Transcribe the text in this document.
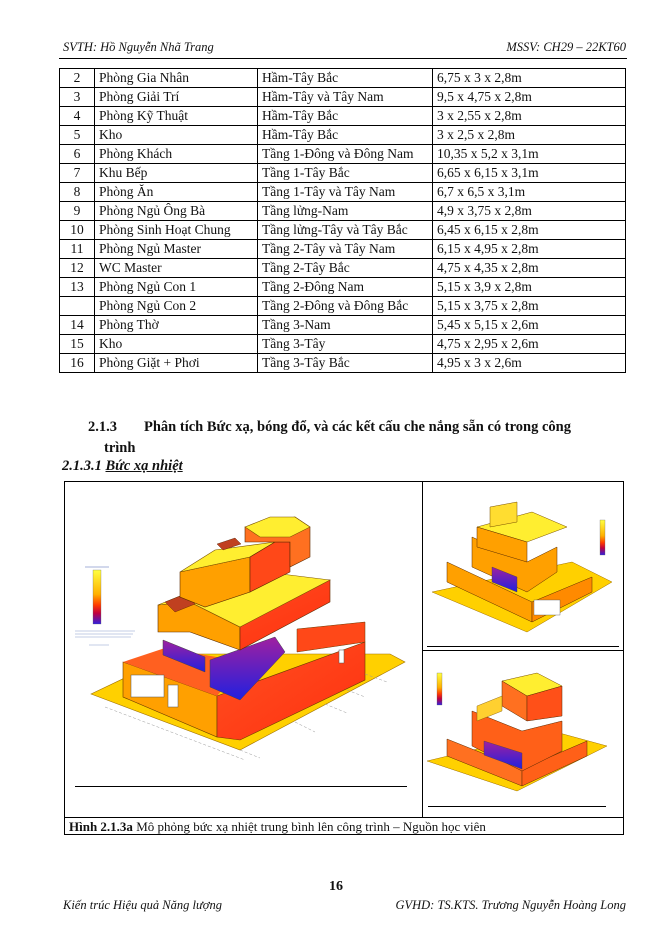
SVTH: Hồ Nguyễn Nhã Trang	MSSV: CH29 – 22KT60
2	Phòng Gia Nhân	Hầm-Tây Bắc	6,75 x 3 x 2,8m
3	Phòng Giải Trí	Hầm-Tây và Tây Nam	9,5 x 4,75 x 2,8m
4	Phòng Kỹ Thuật	Hầm-Tây Bắc	3 x 2,55 x 2,8m
5	Kho	Hầm-Tây Bắc	3 x 2,5 x 2,8m
6	Phòng Khách	Tầng 1-Đông và Đông Nam	10,35 x 5,2 x 3,1m
7	Khu Bếp	Tầng 1-Tây Bắc	6,65 x 6,15 x 3,1m
8	Phòng Ăn	Tầng 1-Tây và Tây Nam	6,7 x 6,5 x 3,1m
9	Phòng Ngủ Ông Bà	Tầng lửng-Nam	4,9 x 3,75 x 2,8m
10	Phòng Sinh Hoạt Chung	Tầng lửng-Tây và Tây Bắc	6,45 x 6,15 x 2,8m
11	Phòng Ngủ Master	Tầng 2-Tây và Tây Nam	6,15 x 4,95 x 2,8m
12	WC Master	Tầng 2-Tây Bắc	4,75 x 4,35 x 2,8m
13	Phòng Ngủ Con 1	Tầng 2-Đông Nam	5,15 x 3,9 x 2,8m
	Phòng Ngủ Con 2	Tầng 2-Đông và Đông Bắc	5,15 x 3,75 x 2,8m
14	Phòng Thờ	Tầng 3-Nam	5,45 x 5,15 x 2,6m
15	Kho	Tầng 3-Tây	4,75 x 2,95 x 2,6m
16	Phòng Giặt + Phơi	Tầng 3-Tây Bắc	4,95 x 3 x 2,6m
2.1.3 Phân tích Bức xạ, bóng đổ, và các kết cấu che nắng sẵn có trong công
trình
2.1.3.1 Bức xạ nhiệt
Hình 2.1.3a Mô phỏng bức xạ nhiệt trung bình lên công trình – Nguồn học viên
16
Kiến trúc Hiệu quả Năng lượng	GVHD: TS.KTS. Trương Nguyễn Hoàng Long
